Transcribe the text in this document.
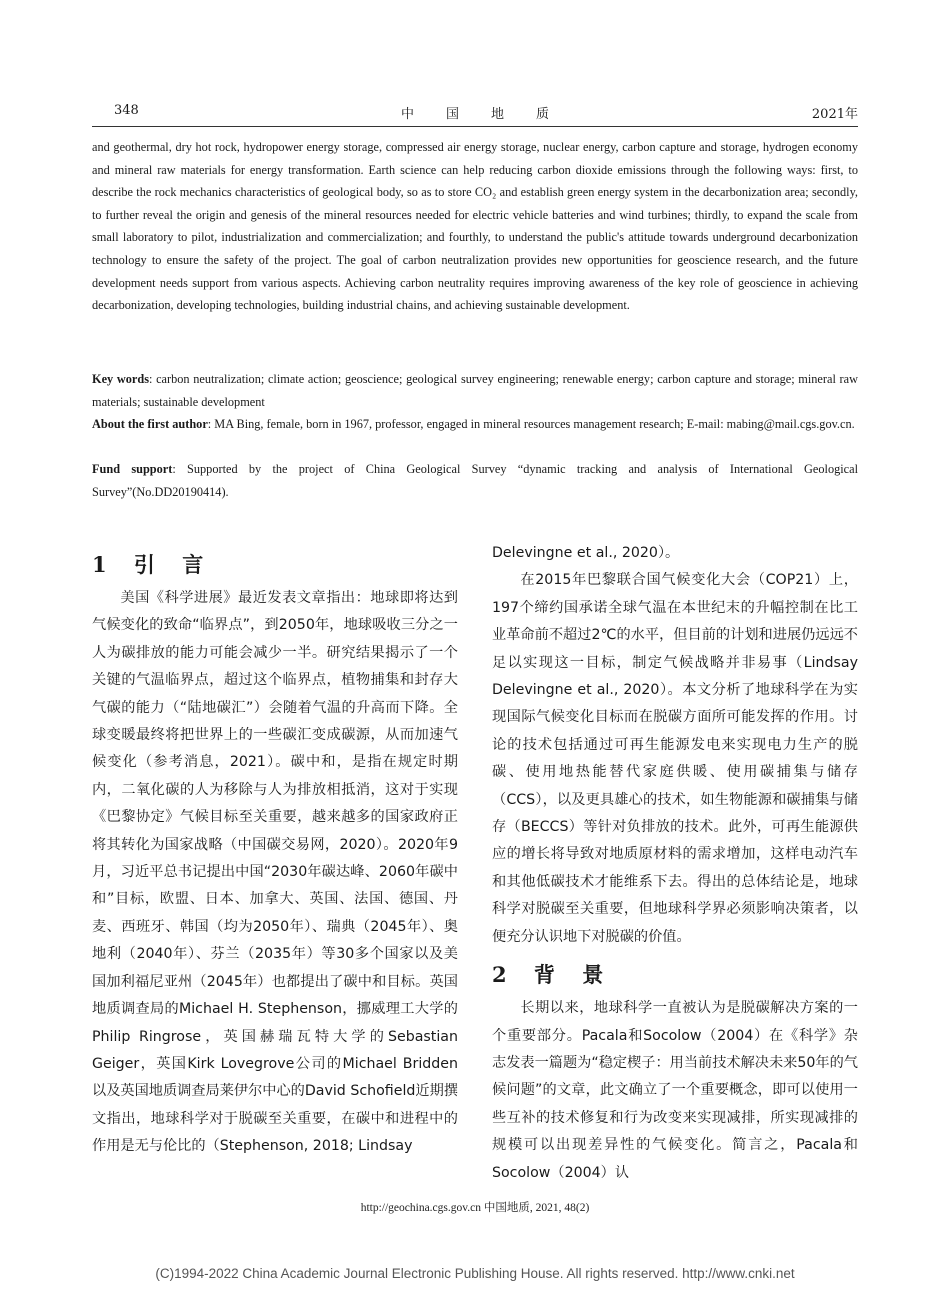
348	中国地质	2021年

and geothermal, dry hot rock, hydropower energy storage, compressed air energy storage, nuclear energy, carbon capture and storage, hydrogen economy and mineral raw materials for energy transformation. Earth science can help reducing carbon dioxide emissions through the following ways: first, to describe the rock mechanics characteristics of geological body, so as to store CO₂ and establish green energy system in the decarbonization area; secondly, to further reveal the origin and genesis of the mineral resources needed for electric vehicle batteries and wind turbines; thirdly, to expand the scale from small laboratory to pilot, industrialization and commercialization; and fourthly, to understand the public's attitude towards underground decarbonization technology to ensure the safety of the project. The goal of carbon neutralization provides new opportunities for geoscience research, and the future development needs support from various aspects. Achieving carbon neutrality requires improving awareness of the key role of geoscience in achieving decarbonization, developing technologies, building industrial chains, and achieving sustainable development.

Key words: carbon neutralization; climate action; geoscience; geological survey engineering; renewable energy; carbon capture and storage; mineral raw materials; sustainable development

About the first author: MA Bing, female, born in 1967, professor, engaged in mineral resources management research; E-mail: mabing@mail.cgs.gov.cn.

Fund support: Supported by the project of China Geological Survey “dynamic tracking and analysis of International Geological Survey”(No.DD20190414).

1 引 言

美国《科学进展》最近发表文章指出：地球即将达到气候变化的致命“临界点”，到2050年，地球吸收三分之一人为碳排放的能力可能会减少一半。研究结果揭示了一个关键的气温临界点，超过这个临界点，植物捕集和封存大气碳的能力（“陆地碳汇”）会随着气温的升高而下降。全球变暖最终将把世界上的一些碳汇变成碳源，从而加速气候变化（参考消息，2021）。碳中和，是指在规定时期内，二氧化碳的人为移除与人为排放相抵消，这对于实现《巴黎协定》气候目标至关重要，越来越多的国家政府正将其转化为国家战略（中国碳交易网，2020）。2020年9月，习近平总书记提出中国“2030年碳达峰、2060年碳中和”目标，欧盟、日本、加拿大、英国、法国、德国、丹麦、西班牙、韩国（均为2050年）、瑞典（2045年）、奥地利（2040年）、芬兰（2035年）等30多个国家以及美国加利福尼亚州（2045年）也都提出了碳中和目标。英国地质调查局的Michael H. Stephenson，挪威理工大学的Philip Ringrose，英国赫瑞瓦特大学的Sebastian Geiger，英国Kirk Lovegrove公司的Michael Bridden以及英国地质调查局莱伊尔中心的David Schofield近期撰文指出，地球科学对于脱碳至关重要，在碳中和进程中的作用是无与伦比的（Stephenson, 2018; Lindsay

Delevingne et al., 2020）。

在2015年巴黎联合国气候变化大会（COP21）上，197个缔约国承诺全球气温在本世纪末的升幅控制在比工业革命前不超过2℃的水平，但目前的计划和进展仍远远不足以实现这一目标，制定气候战略并非易事（Lindsay Delevingne et al., 2020）。本文分析了地球科学在为实现国际气候变化目标而在脱碳方面所可能发挥的作用。讨论的技术包括通过可再生能源发电来实现电力生产的脱碳、使用地热能替代家庭供暖、使用碳捕集与储存（CCS），以及更具雄心的技术，如生物能源和碳捕集与储存（BECCS）等针对负排放的技术。此外，可再生能源供应的增长将导致对地质原材料的需求增加，这样电动汽车和其他低碳技术才能维系下去。得出的总体结论是，地球科学对脱碳至关重要，但地球科学界必须影响决策者，以便充分认识地下对脱碳的价值。

2 背 景

长期以来，地球科学一直被认为是脱碳解决方案的一个重要部分。Pacala和Socolow（2004）在《科学》杂志发表一篇题为“稳定楔子：用当前技术解决未来50年的气候问题”的文章，此文确立了一个重要概念，即可以使用一些互补的技术修复和行为改变来实现减排，所实现减排的规模可以出现差异性的气候变化。简言之，Pacala和Socolow（2004）认

http://geochina.cgs.gov.cn 中国地质, 2021, 48(2)
(C)1994-2022 China Academic Journal Electronic Publishing House. All rights reserved. http://www.cnki.net
